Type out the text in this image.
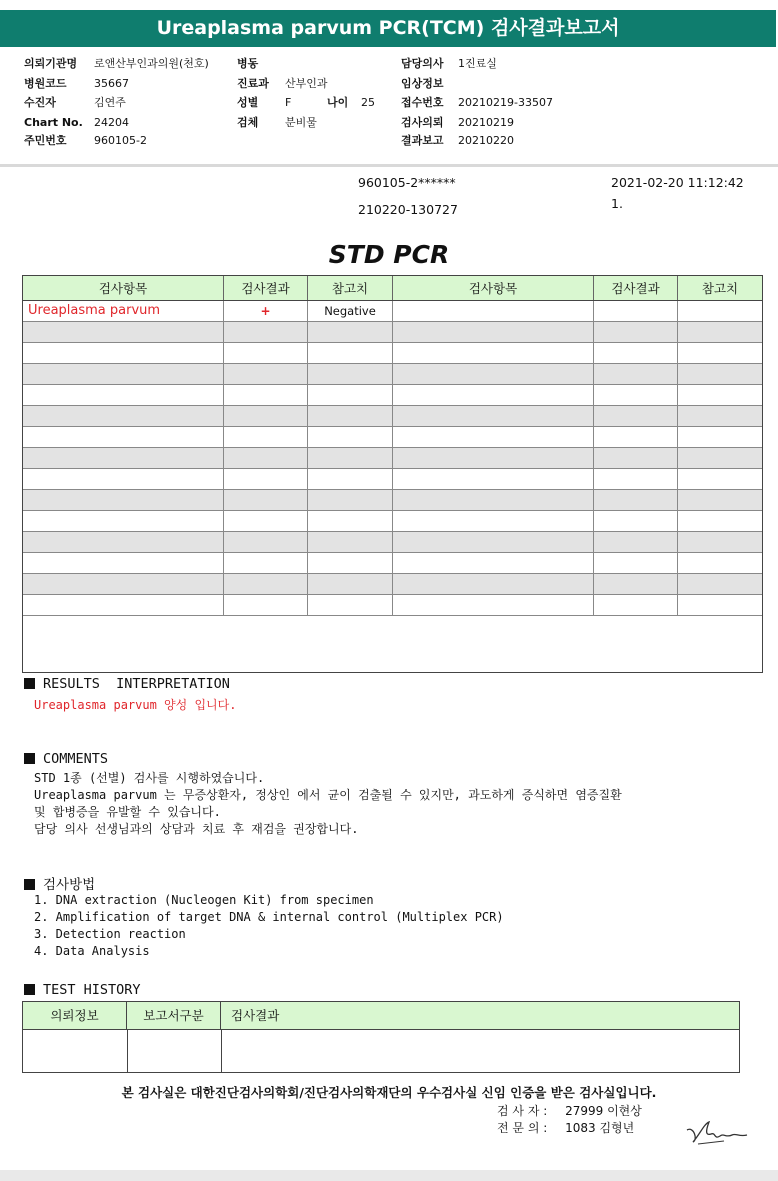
Ureaplasma parvum PCR(TCM) 검사결과보고서
의뢰기관명 로앤산부인과의원(천호)
병원코드 35667
수진자	김연주
Chart No. 24204
주민번호 960105-2
병동
진료과 산부인과
성별 F	나이 25
검체 분비물
담당의사 1진료실
임상정보
접수번호 20210219-33507
검사의뢰 20210219
결과보고 20210220
960105-2******
210220-130727
2021-02-20 11:12:42
1.
STD PCR
검사항목	검사결과	참고치	검사항목	검사결과	참고치
Ureaplasma parvum	+	Negative
RESULTS  INTERPRETATION
Ureaplasma parvum 양성 입니다.
COMMENTS
STD 1종 (선별) 검사를 시행하였습니다.
Ureaplasma parvum 는 무증상환자, 정상인 에서 균이 검출될 수 있지만, 과도하게 증식하면 염증질환
및 합병증을 유발할 수 있습니다.
담당 의사 선생님과의 상담과 치료 후 재검을 권장합니다.
검사방법
1. DNA extraction (Nucleogen Kit) from specimen
2. Amplification of target DNA & internal control (Multiplex PCR)
3. Detection reaction
4. Data Analysis
TEST HISTORY
의뢰정보	보고서구분	검사결과
본 검사실은 대한진단검사의학회/진단검사의학재단의 우수검사실 신임 인증을 받은 검사실입니다.
검 사 자 : 27999 이현상
전 문 의 : 1083 김형년
